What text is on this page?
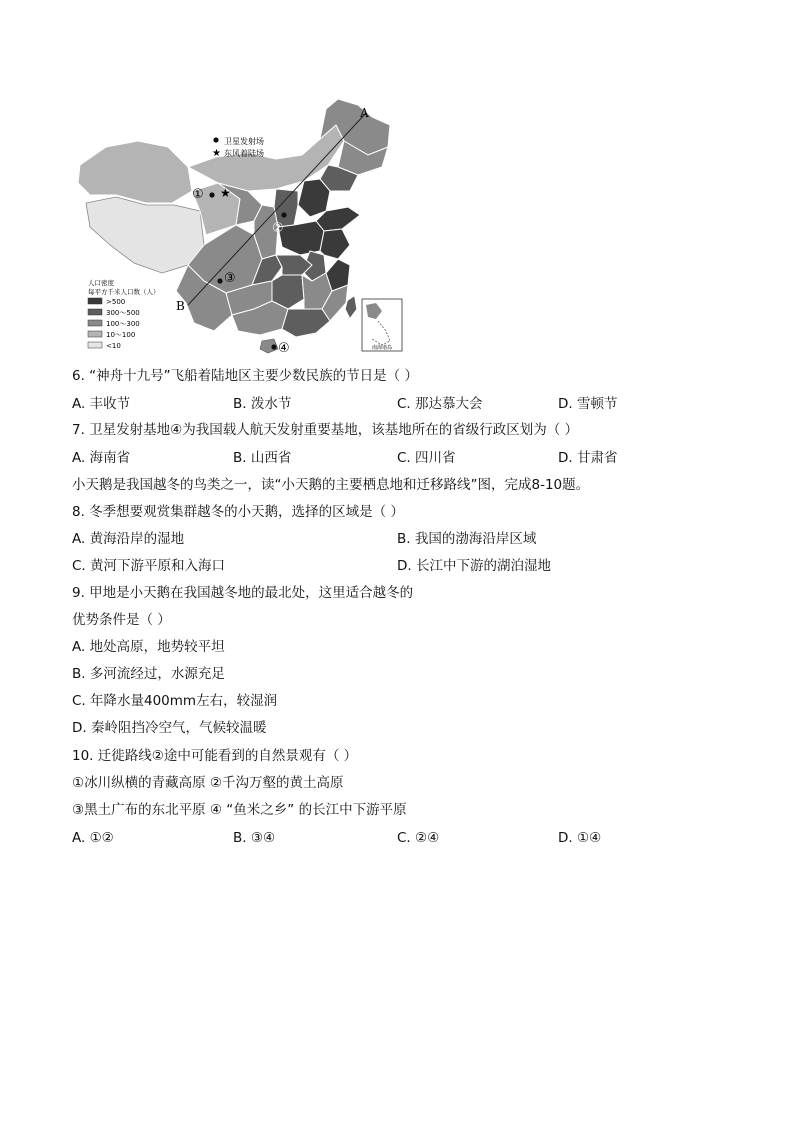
卫星发射场
★ 东风着陆场
① ★
②
③
④
A
B
人口密度
每平方千米人口数（人）
>500
300～500
100～300
10～100
<10	南海诸岛
6. “神舟十九号”飞船着陆地区主要少数民族的节日是（ ）
A. 丰收节	B. 泼水节	C. 那达慕大会	D. 雪顿节
7. 卫星发射基地④为我国载人航天发射重要基地，该基地所在的省级行政区划为（ ）
A. 海南省	B. 山西省	C. 四川省	D. 甘肃省
小天鹅是我国越冬的鸟类之一，读“小天鹅的主要栖息地和迁移路线”图，完成8-10题。
8. 冬季想要观赏集群越冬的小天鹅，选择的区域是（ ）
A. 黄海沿岸的湿地	B. 我国的渤海沿岸区域
C. 黄河下游平原和入海口	D. 长江中下游的湖泊湿地
9. 甲地是小天鹅在我国越冬地的最北处，这里适合越冬的
优势条件是（ ）
A. 地处高原，地势较平坦
B. 多河流经过，水源充足
C. 年降水量400mm左右，较湿润
D. 秦岭阻挡冷空气，气候较温暖
10. 迁徙路线②途中可能看到的自然景观有（ ）
①冰川纵横的青藏高原 ②千沟万壑的黄土高原
③黑土广布的东北平原 ④ “鱼米之乡” 的长江中下游平原
A. ①②	B. ③④	C. ②④	D. ①④
